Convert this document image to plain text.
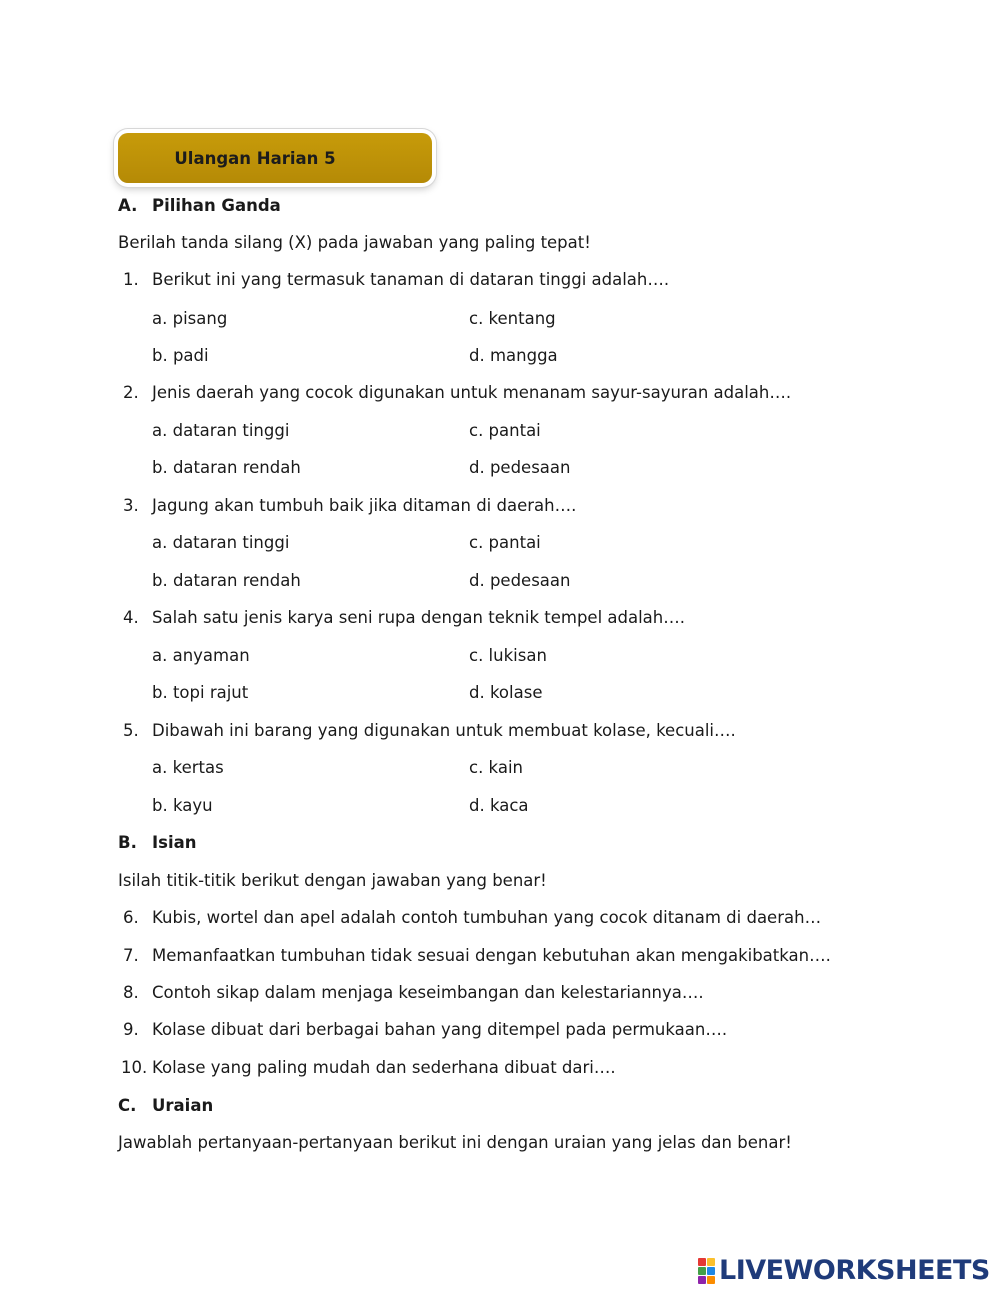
Ulangan Harian 5
A. Pilihan Ganda
Berilah tanda silang (X) pada jawaban yang paling tepat!
1. Berikut ini yang termasuk tanaman di dataran tinggi adalah….
a. pisang	c. kentang
b. padi	d. mangga
2. Jenis daerah yang cocok digunakan untuk menanam sayur-sayuran adalah….
a. dataran tinggi	c. pantai
b. dataran rendah	d. pedesaan
3. Jagung akan tumbuh baik jika ditaman di daerah….
a. dataran tinggi	c. pantai
b. dataran rendah	d. pedesaan
4. Salah satu jenis karya seni rupa dengan teknik tempel adalah….
a. anyaman	c. lukisan
b. topi rajut	d. kolase
5. Dibawah ini barang yang digunakan untuk membuat kolase, kecuali….
a. kertas	c. kain
b. kayu	d. kaca
B. Isian
Isilah titik-titik berikut dengan jawaban yang benar!
6. Kubis, wortel dan apel adalah contoh tumbuhan yang cocok ditanam di daerah…
7. Memanfaatkan tumbuhan tidak sesuai dengan kebutuhan akan mengakibatkan….
8. Contoh sikap dalam menjaga keseimbangan dan kelestariannya….
9. Kolase dibuat dari berbagai bahan yang ditempel pada permukaan….
10. Kolase yang paling mudah dan sederhana dibuat dari….
C. Uraian
Jawablah pertanyaan-pertanyaan berikut ini dengan uraian yang jelas dan benar!
LIVEWORKSHEETS
